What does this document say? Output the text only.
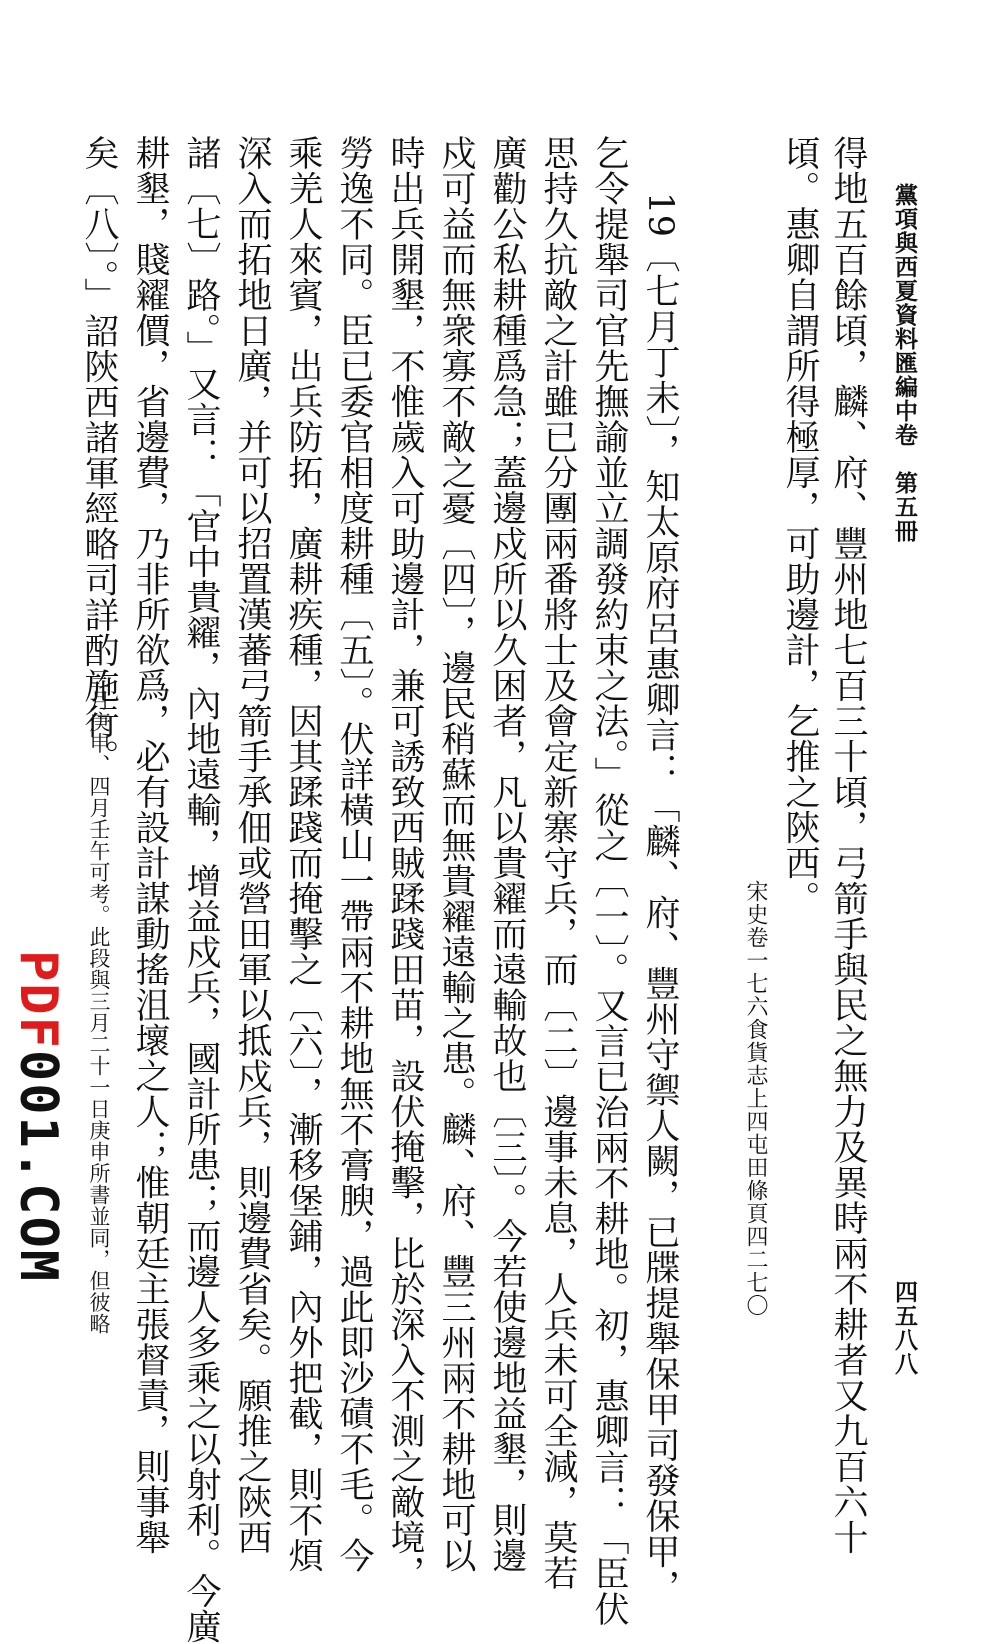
黨項與西夏資料匯編中卷　第五冊
四五八八
得地五百餘頃，麟、府、豐州地七百三十頃，弓箭手與民之無力及異時兩不耕者又九百六十
頃。惠卿自謂所得極厚，可助邊計，乞推之陝西。
宋史卷一七六食貨志上四屯田條頁四二七〇
19〔七月丁未〕，知太原府呂惠卿言：「麟、府、豐州守禦人闕，已牒提舉保甲司發保甲，
乞令提舉司官先撫諭並立調發約束之法。」從之〔一〕。又言已治兩不耕地。初，惠卿言：「臣伏
思持久抗敵之計雖已分團兩番將士及會定新寨守兵，而〔二〕邊事未息，人兵未可全減，莫若
廣勸公私耕種爲急；蓋邊戍所以久困者，凡以貴糴而遠輸故也〔三〕。今若使邊地益墾，則邊
戍可益而無衆寡不敵之憂〔四〕，邊民稍蘇而無貴糴遠輸之患。麟、府、豐三州兩不耕地可以
時出兵開墾，不惟歲入可助邊計，兼可誘致西賊蹂踐田苗，設伏掩擊，比於深入不測之敵境，
勞逸不同。臣已委官相度耕種〔五〕。伏詳橫山一帶兩不耕地無不膏腴，過此即沙磧不毛。今
乘羌人來賓，出兵防拓，廣耕疾種，因其蹂踐而掩擊之〔六〕，漸移堡鋪，內外把截，則不煩
深入而拓地日廣，并可以招置漢蕃弓箭手承佃或營田軍以抵戍兵，則邊費省矣。願推之陝西
諸〔七〕路。」又言：「官中貴糴，內地遠輸，增益戍兵，國計所患；而邊人多乘之以射利。今廣
耕墾，賤糴價，省邊費，乃非所欲爲，必有設計謀動搖沮壞之人；惟朝廷主張督責，則事舉
矣〔八〕。」詔陝西諸軍經略司詳酌施行。
三月庚申、四月壬午可考。此段與三月二十一日庚申所書並同，但彼略
PDF001.COM
